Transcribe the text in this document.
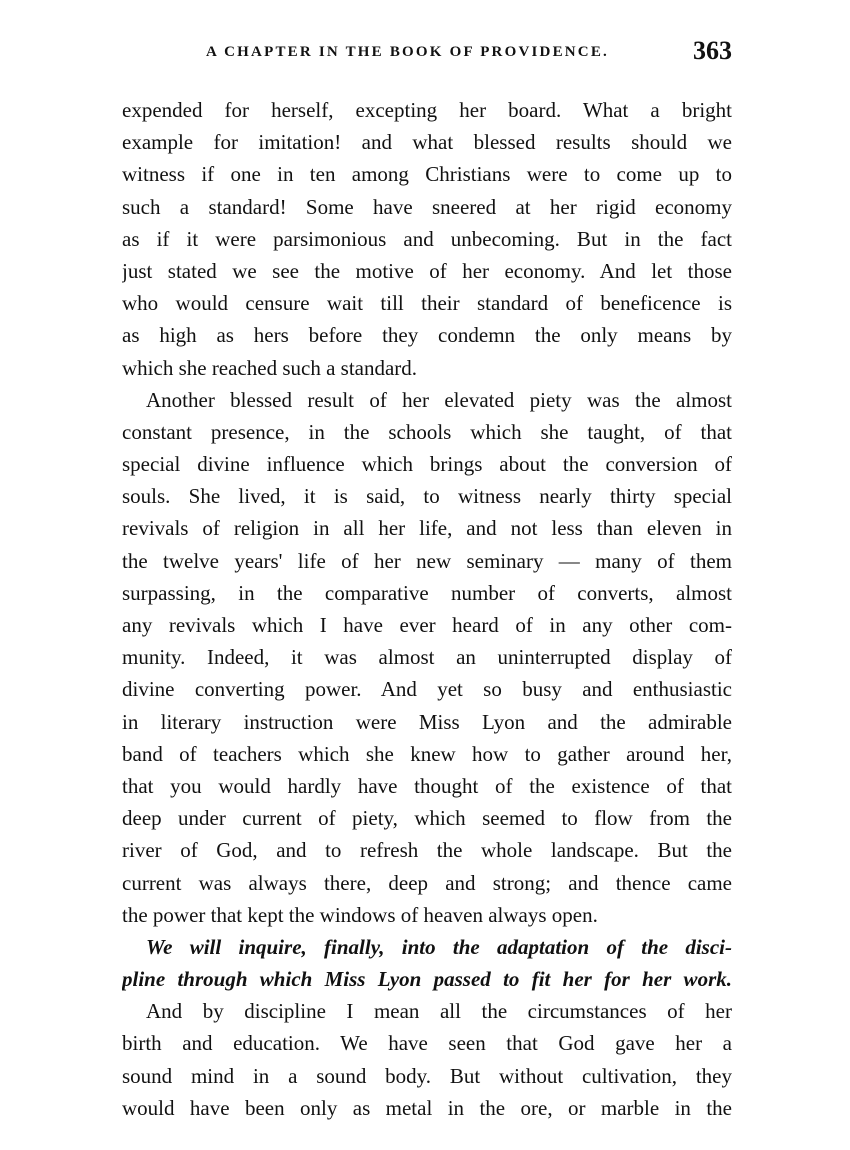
A CHAPTER IN THE BOOK OF PROVIDENCE.	363
expended for herself, excepting her board. What a bright
example for imitation! and what blessed results should we
witness if one in ten among Christians were to come up to
such a standard! Some have sneered at her rigid economy
as if it were parsimonious and unbecoming. But in the fact
just stated we see the motive of her economy. And let those
who would censure wait till their standard of beneficence is
as high as hers before they condemn the only means by
which she reached such a standard.
Another blessed result of her elevated piety was the almost
constant presence, in the schools which she taught, of that
special divine influence which brings about the conversion of
souls. She lived, it is said, to witness nearly thirty special
revivals of religion in all her life, and not less than eleven in
the twelve years' life of her new seminary — many of them
surpassing, in the comparative number of converts, almost
any revivals which I have ever heard of in any other com-
munity. Indeed, it was almost an uninterrupted display of
divine converting power. And yet so busy and enthusiastic
in literary instruction were Miss Lyon and the admirable
band of teachers which she knew how to gather around her,
that you would hardly have thought of the existence of that
deep under current of piety, which seemed to flow from the
river of God, and to refresh the whole landscape. But the
current was always there, deep and strong; and thence came
the power that kept the windows of heaven always open.
We will inquire, finally, into the adaptation of the disci-
pline through which Miss Lyon passed to fit her for her work.
And by discipline I mean all the circumstances of her
birth and education. We have seen that God gave her a
sound mind in a sound body. But without cultivation, they
would have been only as metal in the ore, or marble in the
